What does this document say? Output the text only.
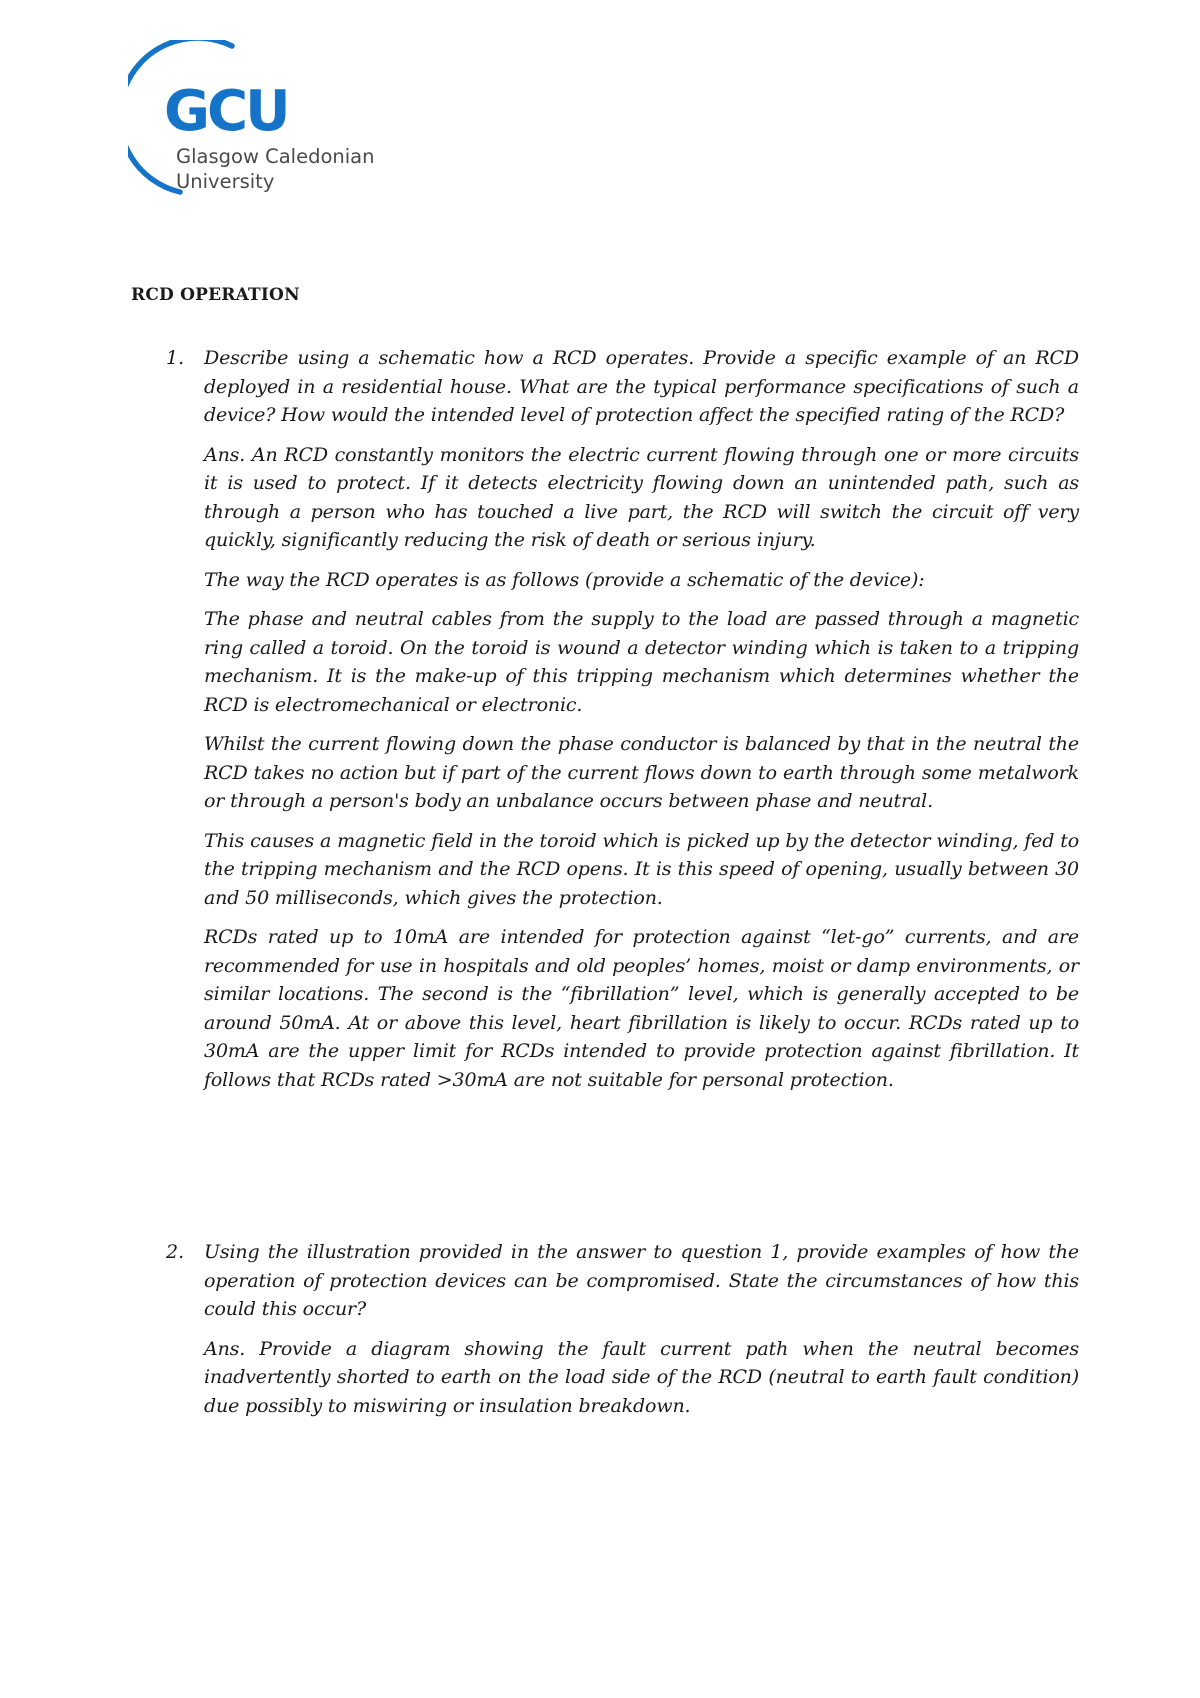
GCU
Glasgow Caledonian
University
RCD OPERATION
1. Describe using a schematic how a RCD operates. Provide a specific example of an RCD deployed in a residential house. What are the typical performance specifications of such a device? How would the intended level of protection affect the specified rating of the RCD?

Ans. An RCD constantly monitors the electric current flowing through one or more circuits it is used to protect. If it detects electricity flowing down an unintended path, such as through a person who has touched a live part, the RCD will switch the circuit off very quickly, significantly reducing the risk of death or serious injury.

The way the RCD operates is as follows (provide a schematic of the device):

The phase and neutral cables from the supply to the load are passed through a magnetic ring called a toroid. On the toroid is wound a detector winding which is taken to a tripping mechanism. It is the make-up of this tripping mechanism which determines whether the RCD is electromechanical or electronic.

Whilst the current flowing down the phase conductor is balanced by that in the neutral the RCD takes no action but if part of the current flows down to earth through some metalwork or through a person's body an unbalance occurs between phase and neutral.

This causes a magnetic field in the toroid which is picked up by the detector winding, fed to the tripping mechanism and the RCD opens. It is this speed of opening, usually between 30 and 50 milliseconds, which gives the protection.

RCDs rated up to 10mA are intended for protection against “let-go” currents, and are recommended for use in hospitals and old peoples’ homes, moist or damp environments, or similar locations. The second is the “fibrillation” level, which is generally accepted to be around 50mA. At or above this level, heart fibrillation is likely to occur. RCDs rated up to 30mA are the upper limit for RCDs intended to provide protection against fibrillation. It follows that RCDs rated >30mA are not suitable for personal protection.

2. Using the illustration provided in the answer to question 1, provide examples of how the operation of protection devices can be compromised. State the circumstances of how this could this occur?

Ans. Provide a diagram showing the fault current path when the neutral becomes inadvertently shorted to earth on the load side of the RCD (neutral to earth fault condition) due possibly to miswiring or insulation breakdown.
